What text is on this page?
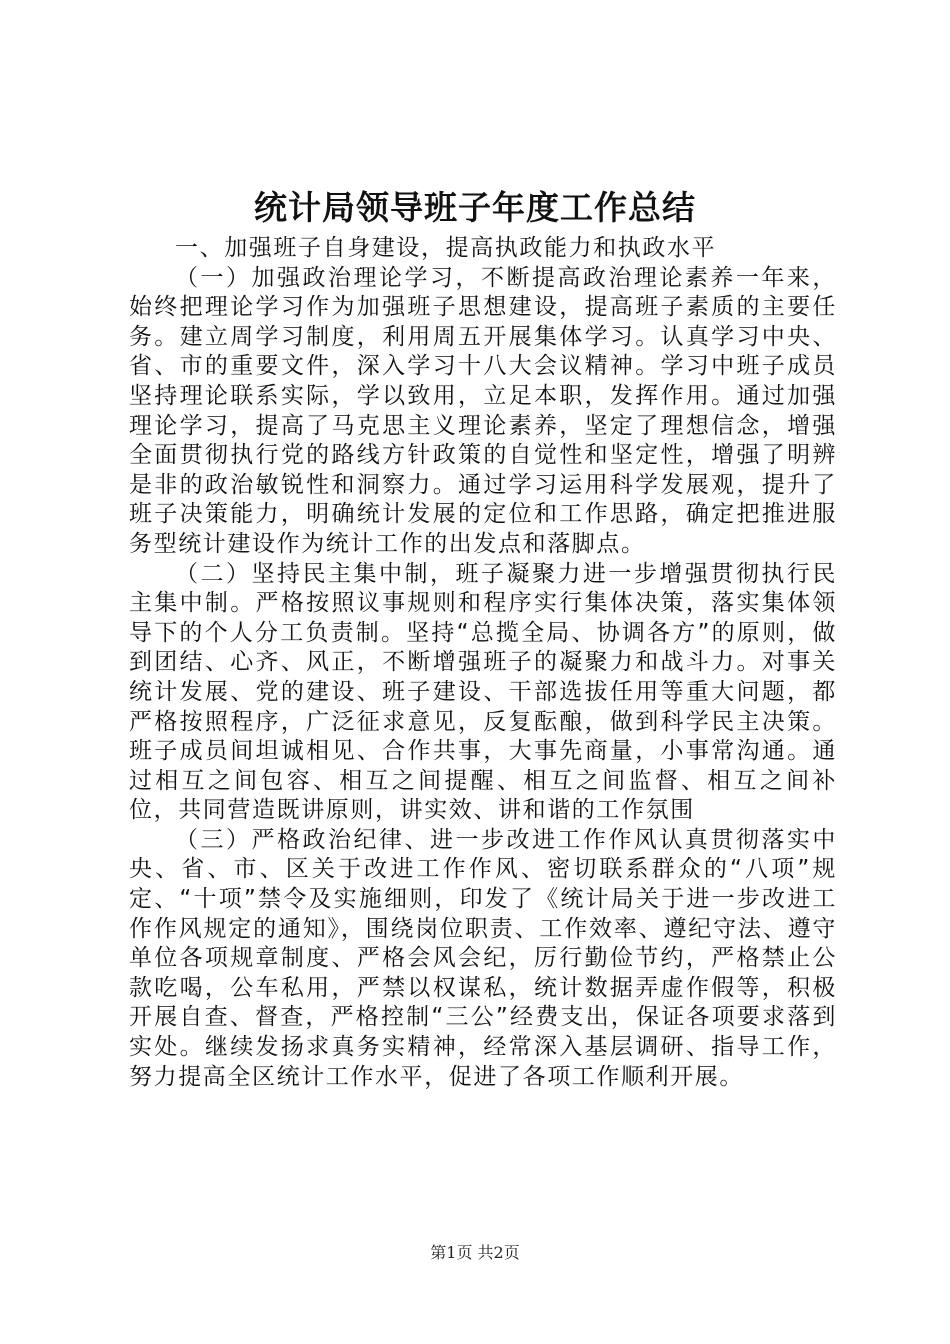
统计局领导班子年度工作总结

一、加强班子自身建设，提高执政能力和执政水平

（一）加强政治理论学习，不断提高政治理论素养一年来，始终把理论学习作为加强班子思想建设，提高班子素质的主要任务。建立周学习制度，利用周五开展集体学习。认真学习中央、省、市的重要文件，深入学习十八大会议精神。学习中班子成员坚持理论联系实际，学以致用，立足本职，发挥作用。通过加强理论学习，提高了马克思主义理论素养，坚定了理想信念，增强全面贯彻执行党的路线方针政策的自觉性和坚定性，增强了明辨是非的政治敏锐性和洞察力。通过学习运用科学发展观，提升了班子决策能力，明确统计发展的定位和工作思路，确定把推进服务型统计建设作为统计工作的出发点和落脚点。

（二）坚持民主集中制，班子凝聚力进一步增强贯彻执行民主集中制。严格按照议事规则和程序实行集体决策，落实集体领导下的个人分工负责制。坚持“总揽全局、协调各方”的原则，做到团结、心齐、风正，不断增强班子的凝聚力和战斗力。对事关统计发展、党的建设、班子建设、干部选拔任用等重大问题，都严格按照程序，广泛征求意见，反复酝酿，做到科学民主决策。班子成员间坦诚相见、合作共事，大事先商量，小事常沟通。通过相互之间包容、相互之间提醒、相互之间监督、相互之间补位，共同营造既讲原则，讲实效、讲和谐的工作氛围

（三）严格政治纪律、进一步改进工作作风认真贯彻落实中央、省、市、区关于改进工作作风、密切联系群众的“八项”规定、“十项”禁令及实施细则，印发了《统计局关于进一步改进工作作风规定的通知》，围绕岗位职责、工作效率、遵纪守法、遵守单位各项规章制度、严格会风会纪，厉行勤俭节约，严格禁止公款吃喝，公车私用，严禁以权谋私，统计数据弄虚作假等，积极开展自查、督查，严格控制“三公”经费支出，保证各项要求落到实处。继续发扬求真务实精神，经常深入基层调研、指导工作，努力提高全区统计工作水平，促进了各项工作顺利开展。

第1页 共2页
